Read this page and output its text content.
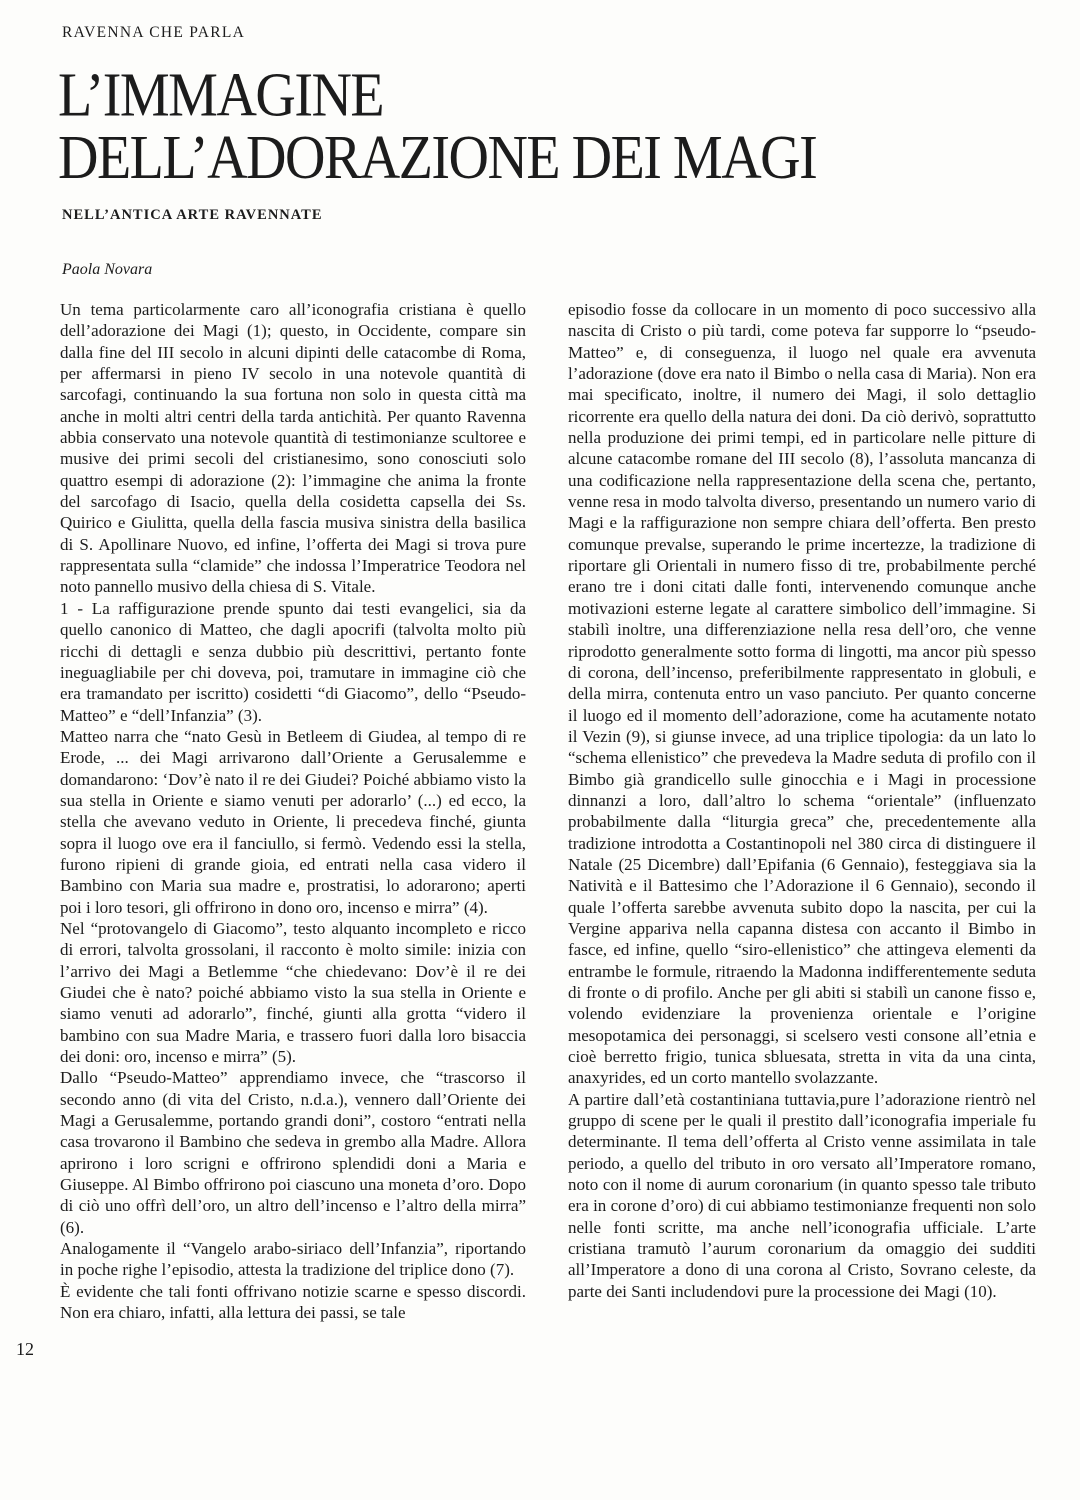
RAVENNA CHE PARLA
L’IMMAGINE
DELL’ADORAZIONE DEI MAGI
NELL’ANTICA ARTE RAVENNATE
Paola Novara

Un tema particolarmente caro all’iconografia cristiana è quello dell’adorazione dei Magi (1); questo, in Occidente, compare sin dalla fine del III secolo in alcuni dipinti delle catacombe di Roma, per affermarsi in pieno IV secolo in una notevole quantità di sarcofagi, continuando la sua fortuna non solo in questa città ma anche in molti altri centri della tarda antichità. Per quanto Ravenna abbia conservato una notevole quantità di testimonianze scultoree e musive dei primi secoli del cristianesimo, sono conosciuti solo quattro esempi di adorazione (2): l’immagine che anima la fronte del sarcofago di Isacio, quella della cosidetta capsella dei Ss. Quirico e Giulitta, quella della fascia musiva sinistra della basilica di S. Apollinare Nuovo, ed infine, l’offerta dei Magi si trova pure rappresentata sulla “clamide” che indossa l’Imperatrice Teodora nel noto pannello musivo della chiesa di S. Vitale.

1 - La raffigurazione prende spunto dai testi evangelici, sia da quello canonico di Matteo, che dagli apocrifi (talvolta molto più ricchi di dettagli e senza dubbio più descrittivi, pertanto fonte ineguagliabile per chi doveva, poi, tramutare in immagine ciò che era tramandato per iscritto) cosidetti “di Giacomo”, dello “Pseudo-Matteo” e “dell’Infanzia” (3).

Matteo narra che “nato Gesù in Betleem di Giudea, al tempo di re Erode, ... dei Magi arrivarono dall’Oriente a Gerusalemme e domandarono: ‘Dov’è nato il re dei Giudei? Poiché abbiamo visto la sua stella in Oriente e siamo venuti per adorarlo’ (...) ed ecco, la stella che avevano veduto in Oriente, li precedeva finché, giunta sopra il luogo ove era il fanciullo, si fermò. Vedendo essi la stella, furono ripieni di grande gioia, ed entrati nella casa videro il Bambino con Maria sua madre e, prostratisi, lo adorarono; aperti poi i loro tesori, gli offrirono in dono oro, incenso e mirra” (4).

Nel “protovangelo di Giacomo”, testo alquanto incompleto e ricco di errori, talvolta grossolani, il racconto è molto simile: inizia con l’arrivo dei Magi a Betlemme “che chiedevano: Dov’è il re dei Giudei che è nato? poiché abbiamo visto la sua stella in Oriente e siamo venuti ad adorarlo”, finché, giunti alla grotta “videro il bambino con sua Madre Maria, e trassero fuori dalla loro bisaccia dei doni: oro, incenso e mirra” (5).

Dallo “Pseudo-Matteo” apprendiamo invece, che “trascorso il secondo anno (di vita del Cristo, n.d.a.), vennero dall’Oriente dei Magi a Gerusalemme, portando grandi doni”, costoro “entrati nella casa trovarono il Bambino che sedeva in grembo alla Madre. Allora aprirono i loro scrigni e offrirono splendidi doni a Maria e Giuseppe. Al Bimbo offrirono poi ciascuno una moneta d’oro. Dopo di ciò uno offrì dell’oro, un altro dell’incenso e l’altro della mirra” (6).

Analogamente il “Vangelo arabo-siriaco dell’Infanzia”, riportando in poche righe l’episodio, attesta la tradizione del triplice dono (7).

È evidente che tali fonti offrivano notizie scarne e spesso discordi. Non era chiaro, infatti, alla lettura dei passi, se tale

episodio fosse da collocare in un momento di poco successivo alla nascita di Cristo o più tardi, come poteva far supporre lo “pseudo-Matteo” e, di conseguenza, il luogo nel quale era avvenuta l’adorazione (dove era nato il Bimbo o nella casa di Maria). Non era mai specificato, inoltre, il numero dei Magi, il solo dettaglio ricorrente era quello della natura dei doni. Da ciò derivò, soprattutto nella produzione dei primi tempi, ed in particolare nelle pitture di alcune catacombe romane del III secolo (8), l’assoluta mancanza di una codificazione nella rappresentazione della scena che, pertanto, venne resa in modo talvolta diverso, presentando un numero vario di Magi e la raffigurazione non sempre chiara dell’offerta. Ben presto comunque prevalse, superando le prime incertezze, la tradizione di riportare gli Orientali in numero fisso di tre, probabilmente perché erano tre i doni citati dalle fonti, intervenendo comunque anche motivazioni esterne legate al carattere simbolico dell’immagine. Si stabilì inoltre, una differenziazione nella resa dell’oro, che venne riprodotto generalmente sotto forma di lingotti, ma ancor più spesso di corona, dell’incenso, preferibilmente rappresentato in globuli, e della mirra, contenuta entro un vaso panciuto. Per quanto concerne il luogo ed il momento dell’adorazione, come ha acutamente notato il Vezin (9), si giunse invece, ad una triplice tipologia: da un lato lo “schema ellenistico” che prevedeva la Madre seduta di profilo con il Bimbo già grandicello sulle ginocchia e i Magi in processione dinnanzi a loro, dall’altro lo schema “orientale” (influenzato probabilmente dalla “liturgia greca” che, precedentemente alla tradizione introdotta a Costantinopoli nel 380 circa di distinguere il Natale (25 Dicembre) dall’Epifania (6 Gennaio), festeggiava sia la Natività e il Battesimo che l’Adorazione il 6 Gennaio), secondo il quale l’offerta sarebbe avvenuta subito dopo la nascita, per cui la Vergine appariva nella capanna distesa con accanto il Bimbo in fasce, ed infine, quello “siro-ellenistico” che attingeva elementi da entrambe le formule, ritraendo la Madonna indifferentemente seduta di fronte o di profilo. Anche per gli abiti si stabilì un canone fisso e, volendo evidenziare la provenienza orientale e l’origine mesopotamica dei personaggi, si scelsero vesti consone all’etnia e cioè berretto frigio, tunica sbluesata, stretta in vita da una cinta, anaxyrides, ed un corto mantello svolazzante.

A partire dall’età costantiniana tuttavia,pure l’adorazione rientrò nel gruppo di scene per le quali il prestito dall’iconografia imperiale fu determinante. Il tema dell’offerta al Cristo venne assimilata in tale periodo, a quello del tributo in oro versato all’Imperatore romano, noto con il nome di aurum coronarium (in quanto spesso tale tributo era in corone d’oro) di cui abbiamo testimonianze frequenti non solo nelle fonti scritte, ma anche nell’iconografia ufficiale. L’arte cristiana tramutò l’aurum coronarium da omaggio dei sudditi all’Imperatore a dono di una corona al Cristo, Sovrano celeste, da parte dei Santi includendovi pure la processione dei Magi (10).

12
